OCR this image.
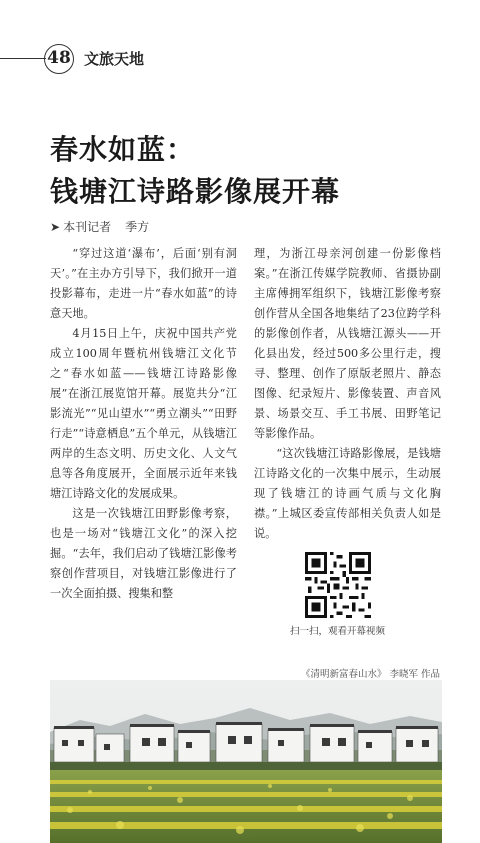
48 文旅天地
春水如蓝：
钱塘江诗路影像展开幕
➤ 本刊记者 季方

“穿过这道‘瀑布’，后面‘别有洞天’。”在主办方引导下，我们掀开一道投影幕布，走进一片“春水如蓝”的诗意天地。

4月15日上午，庆祝中国共产党成立100周年暨杭州钱塘江文化节之“春水如蓝——钱塘江诗路影像展”在浙江展览馆开幕。展览共分“江影流光”“见山望水”“勇立潮头”“田野行走”“诗意栖息”五个单元，从钱塘江两岸的生态文明、历史文化、人文气息等各角度展开，全面展示近年来钱塘江诗路文化的发展成果。

这是一次钱塘江田野影像考察，也是一场对“钱塘江文化”的深入挖掘。“去年，我们启动了钱塘江影像考察创作营项目，对钱塘江影像进行了一次全面拍摄、搜集和整

理，为浙江母亲河创建一份影像档案。”在浙江传媒学院教师、省摄协副主席傅拥军组织下，钱塘江影像考察创作营从全国各地集结了23位跨学科的影像创作者，从钱塘江源头——开化县出发，经过500多公里行走，搜寻、整理、创作了原版老照片、静态图像、纪录短片、影像装置、声音风景、场景交互、手工书展、田野笔记等影像作品。

“这次钱塘江诗路影像展，是钱塘江诗路文化的一次集中展示，生动展现了钱塘江的诗画气质与文化胸襟。”上城区委宣传部相关负责人如是说。

扫一扫，观看开幕视频
《清明新富春山水》 李晓军 作品
